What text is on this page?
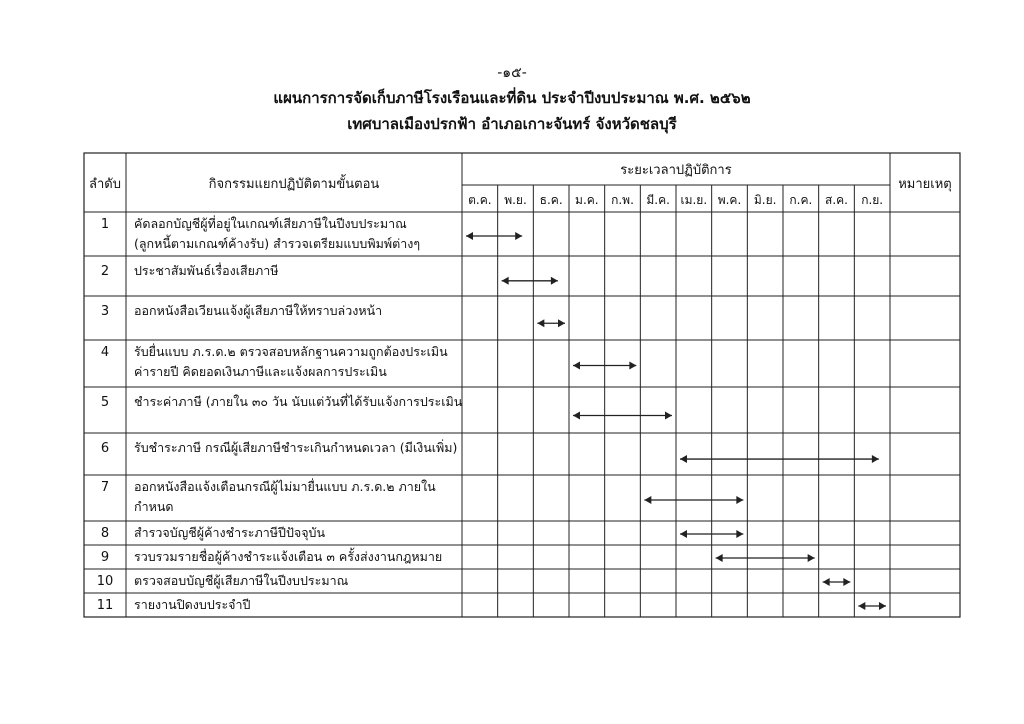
-๑๕-
แผนการการจัดเก็บภาษีโรงเรือนและที่ดิน ประจำปีงบประมาณ พ.ศ. ๒๕๖๒
เทศบาลเมืองปรกฟ้า อำเภอเกาะจันทร์ จังหวัดชลบุรี
ลำดับ	กิจกรรมแยกปฏิบัติตามขั้นตอน
ระยะเวลาปฏิบัติการ
หมายเหตุ
ต.ค. พ.ย. ธ.ค. ม.ค. ก.พ. มี.ค. เม.ย. พ.ค. มิ.ย. ก.ค. ส.ค. ก.ย.
1 คัดลอกบัญชีผู้ที่อยู่ในเกณฑ์เสียภาษีในปีงบประมาณ
(ลูกหนี้ตามเกณฑ์ค้างรับ) สำรวจเตรียมแบบพิมพ์ต่างๆ
2 ประชาสัมพันธ์เรื่องเสียภาษี
3 ออกหนังสือเวียนแจ้งผู้เสียภาษีให้ทราบล่วงหน้า
4 รับยื่นแบบ ภ.ร.ด.๒ ตรวจสอบหลักฐานความถูกต้องประเมิน
ค่ารายปี คิดยอดเงินภาษีและแจ้งผลการประเมิน
5 ชำระค่าภาษี (ภายใน ๓๐ วัน นับแต่วันที่ได้รับแจ้งการประเมิน
6 รับชำระภาษี กรณีผู้เสียภาษีชำระเกินกำหนดเวลา (มีเงินเพิ่ม)
7 ออกหนังสือแจ้งเตือนกรณีผู้ไม่มายื่นแบบ ภ.ร.ด.๒ ภายใน
กำหนด
8 สำรวจบัญชีผู้ค้างชำระภาษีปีปัจจุบัน
9 รวบรวมรายชื่อผู้ค้างชำระแจ้งเตือน ๓ ครั้งส่งงานกฎหมาย
10 ตรวจสอบบัญชีผู้เสียภาษีในปีงบประมาณ
11 รายงานปิดงบประจำปี
